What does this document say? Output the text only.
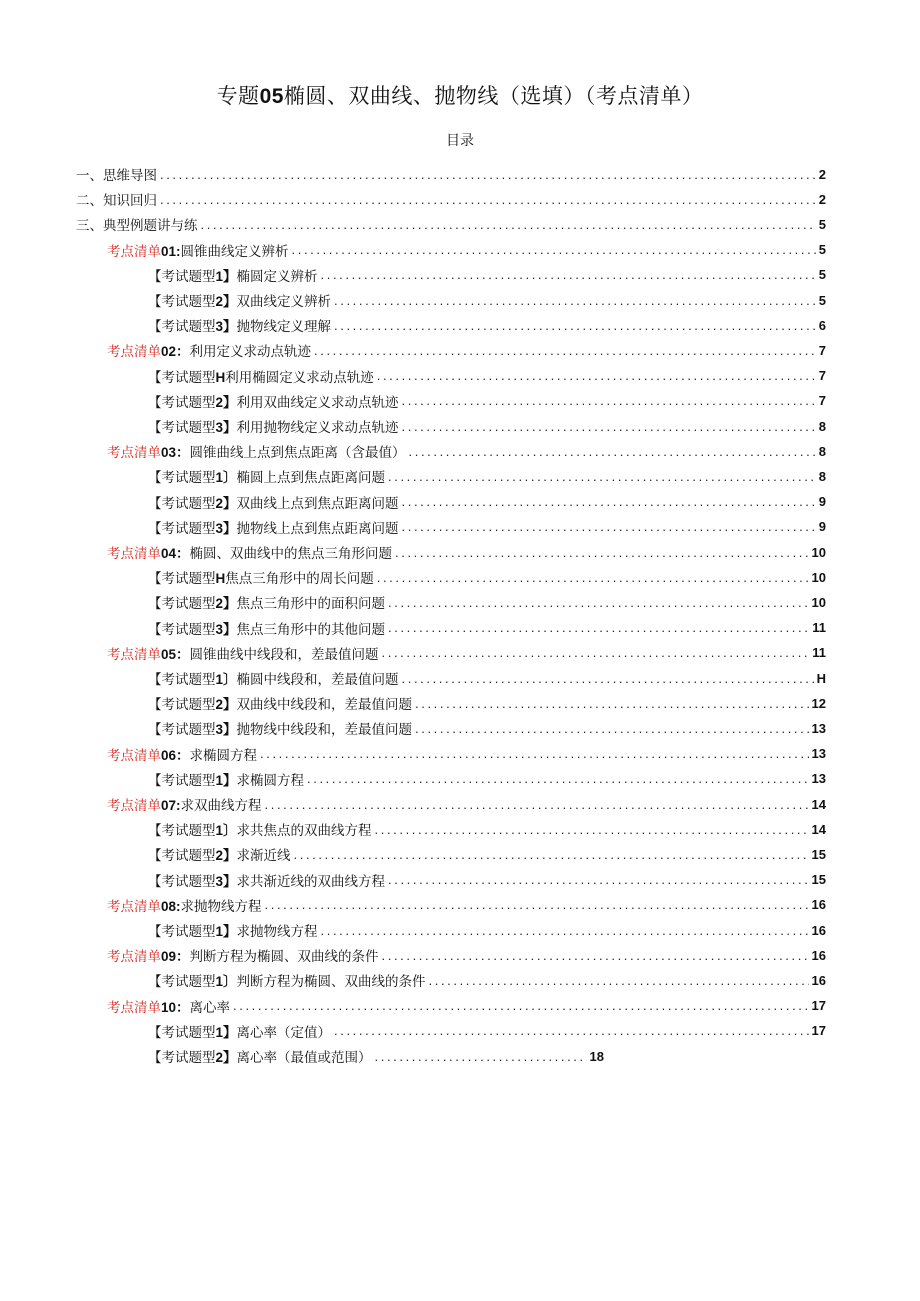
专题05椭圆、双曲线、抛物线（选填）（考点清单）
目录
一、思维导图 .....	2
二、知识回归 .....	2
三、典型例题讲与练 .....	5
考点清单01:圆锥曲线定义辨析 .....	5
【考试题型1】椭圆定义辨析 .....	5
【考试题型2】双曲线定义辨析 .....	5
【考试题型3】抛物线定义理解 .....	6
考点清单02：利用定义求动点轨迹 .....	7
【考试题型H利用椭圆定义求动点轨迹 .....	7
【考试题型2】利用双曲线定义求动点轨迹 .....	7
【考试题型3】利用抛物线定义求动点轨迹 .....	8
考点清单03：圆锥曲线上点到焦点距离（含最值） .....	8
【考试题型1〕椭圆上点到焦点距离问题 .....	8
【考试题型2】双曲线上点到焦点距离问题 .....	9
【考试题型3】抛物线上点到焦点距离问题 .....	9
考点清单04：椭圆、双曲线中的焦点三角形问题 .....	10
【考试题型H焦点三角形中的周长问题 .....	10
【考试题型2】焦点三角形中的面积问题 .....	10
【考试题型3】焦点三角形中的其他问题 .....	11
考点清单05：圆锥曲线中线段和，差最值问题 .....	11
【考试题型1〕椭圆中线段和，差最值问题 .....	H
【考试题型2】双曲线中线段和，差最值问题 .....	12
【考试题型3】抛物线中线段和，差最值问题 .....	13
考点清单06：求椭圆方程 .....	13
【考试题型1】求椭圆方程 .....	13
考点清单07:求双曲线方程 .....	14
【考试题型1〕求共焦点的双曲线方程 .....	14
【考试题型2】求渐近线 .....	15
【考试题型3】求共渐近线的双曲线方程 .....	15
考点清单08:求抛物线方程 .....	16
【考试题型1】求抛物线方程 .....	16
考点清单09：判断方程为椭圆、双曲线的条件 .....	16
【考试题型1〕判断方程为椭圆、双曲线的条件 .....	16
考点清单10：离心率 .....	17
【考试题型1】离心率（定值） .....	17
【考试题型2】离心率（最值或范围） .....	18
